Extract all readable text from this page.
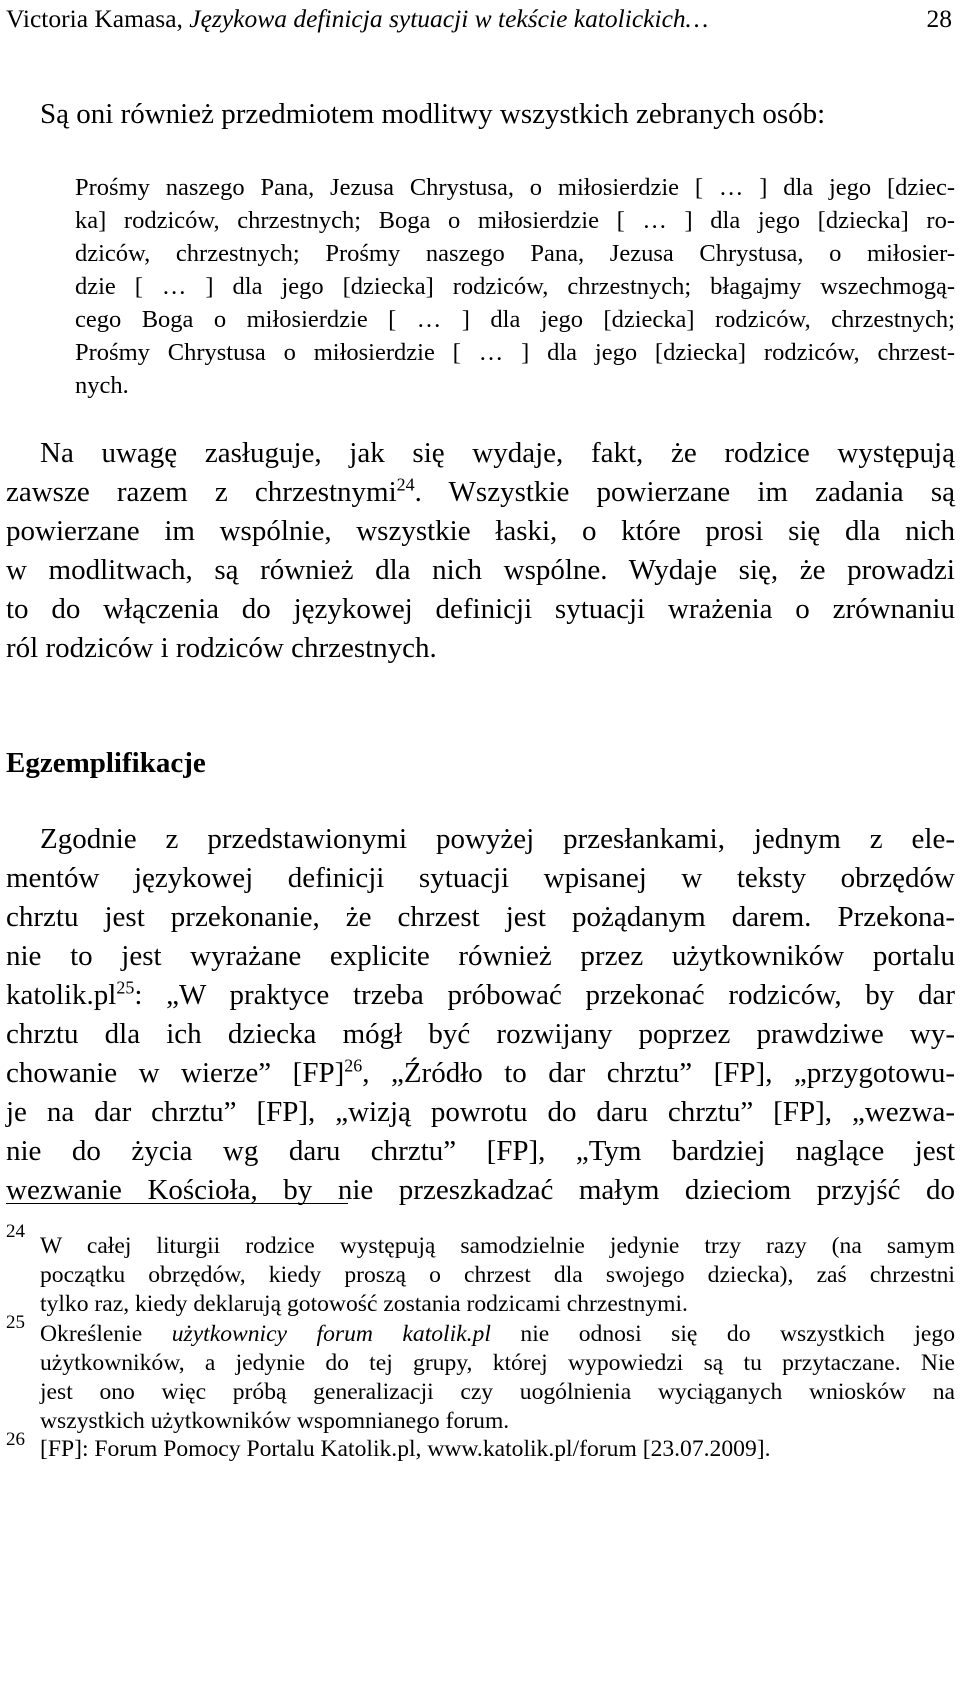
Victoria Kamasa, Językowa definicja sytuacji w tekście katolickich…	28
Są oni również przedmiotem modlitwy wszystkich zebranych osób:
Prośmy naszego Pana, Jezusa Chrystusa, o miłosierdzie [ … ] dla jego [dziec-
ka] rodziców, chrzestnych; Boga o miłosierdzie [ … ] dla jego [dziecka] ro-
dziców, chrzestnych; Prośmy naszego Pana, Jezusa Chrystusa, o miłosier-
dzie [ … ] dla jego [dziecka] rodziców, chrzestnych; błagajmy wszechmogą-
cego Boga o miłosierdzie [ … ] dla jego [dziecka] rodziców, chrzestnych;
Prośmy Chrystusa o miłosierdzie [ … ] dla jego [dziecka] rodziców, chrzest-
nych.
Na uwagę zasługuje, jak się wydaje, fakt, że rodzice występują
zawsze razem z chrzestnymi$^{24}$. Wszystkie powierzane im zadania są
powierzane im wspólnie, wszystkie łaski, o które prosi się dla nich
w modlitwach, są również dla nich wspólne. Wydaje się, że prowadzi
to do włączenia do językowej definicji sytuacji wrażenia o zrównaniu
ról rodziców i rodziców chrzestnych.
Egzemplifikacje
Zgodnie z przedstawionymi powyżej przesłankami, jednym z ele-
mentów językowej definicji sytuacji wpisanej w teksty obrzędów
chrztu jest przekonanie, że chrzest jest pożądanym darem. Przekona-
nie to jest wyrażane explicite również przez użytkowników portalu
$katolik.pl^{25}$: „W praktyce trzeba próbować przekonać rodziców, by dar
chrztu dla ich dziecka mógł być rozwijany poprzez prawdziwe wy-
chowanie w wierze” [FP]$^{26}$, „Źródło to dar chrztu” [FP], „przygotowu-
je na dar chrztu” [FP], „wizją powrotu do daru chrztu” [FP], „wezwa-
nie do życia wg daru chrztu” [FP], „Tym bardziej naglące jest
wezwanie Kościoła, by nie przeszkadzać małym dzieciom przyjść do
24
W całej liturgii rodzice występują samodzielnie jedynie trzy razy (na samym
początku obrzędów, kiedy proszą o chrzest dla swojego dziecka), zaś chrzestni
tylko raz, kiedy deklarują gotowość zostania rodzicami chrzestnymi.
25 Określenie użytkownicy forum katolik.pl nie odnosi się do wszystkich jego
użytkowników, a jedynie do tej grupy, której wypowiedzi są tu przytaczane. Nie
jest ono więc próbą generalizacji czy uogólnienia wyciąganych wniosków na
wszystkich użytkowników wspomnianego forum.
26 [FP]: Forum Pomocy Portalu Katolik.pl, www.katolik.pl/forum [23.07.2009].
